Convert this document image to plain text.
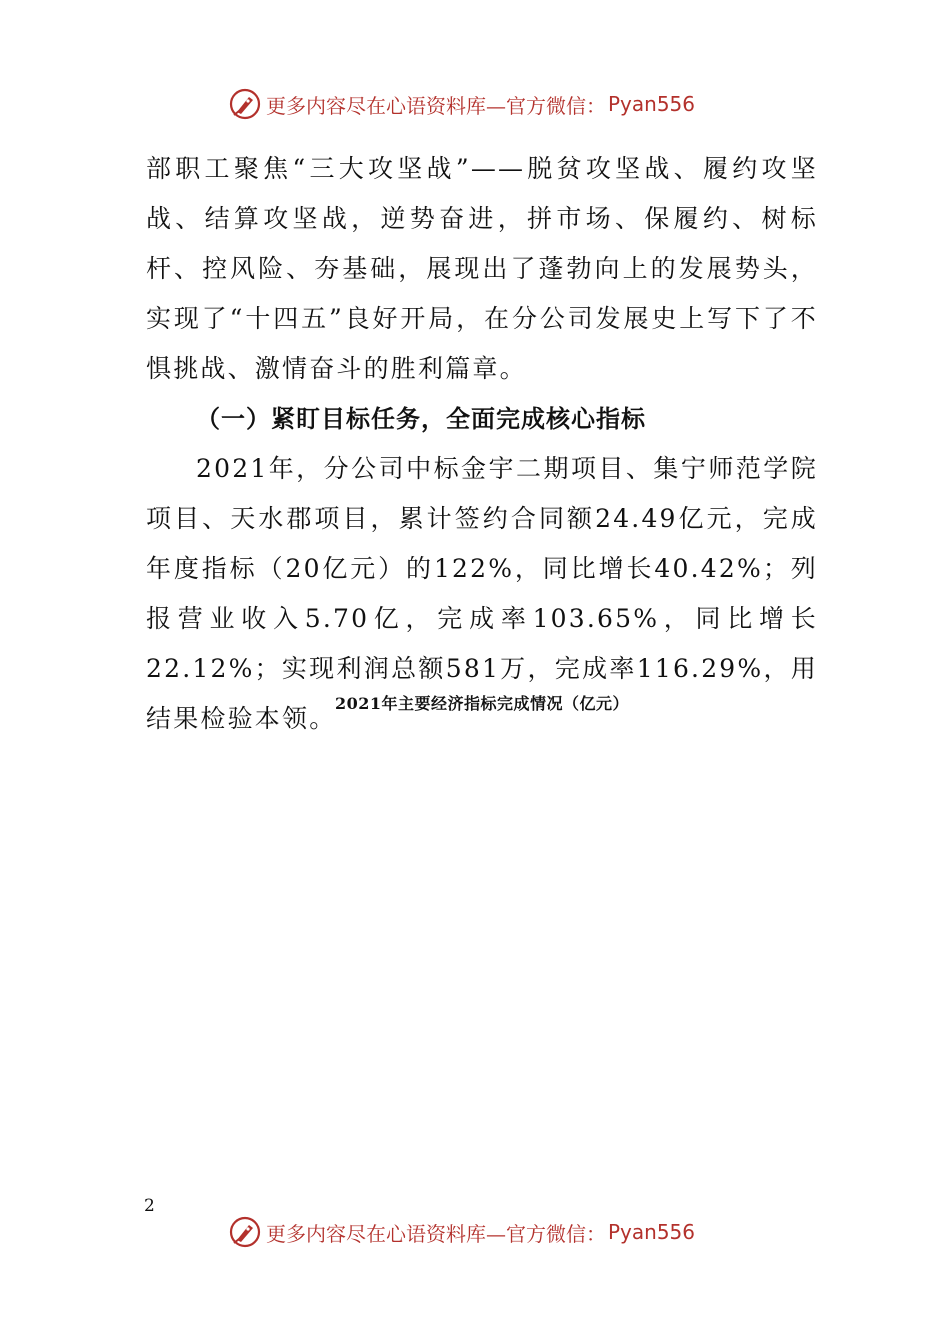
更多内容尽在心语资料库—官方微信： Pyan556
部职工聚焦“三大攻坚战”——脱贫攻坚战、履约攻坚战、结算攻坚战，逆势奋进，拼市场、保履约、树标杆、控风险、夯基础，展现出了蓬勃向上的发展势头，实现了“十四五”良好开局，在分公司发展史上写下了不惧挑战、激情奋斗的胜利篇章。
（一）紧盯目标任务，全面完成核心指标
2021年，分公司中标金宇二期项目、集宁师范学院项目、天水郡项目，累计签约合同额24.49亿元，完成年度指标（20亿元）的122%，同比增长40.42%；列报营业收入5.70亿，完成率103.65%，同比增长22.12%；实现利润总额581万，完成率116.29%，用结果检验本领。
2021年主要经济指标完成情况（亿元）
2
更多内容尽在心语资料库—官方微信： Pyan556
